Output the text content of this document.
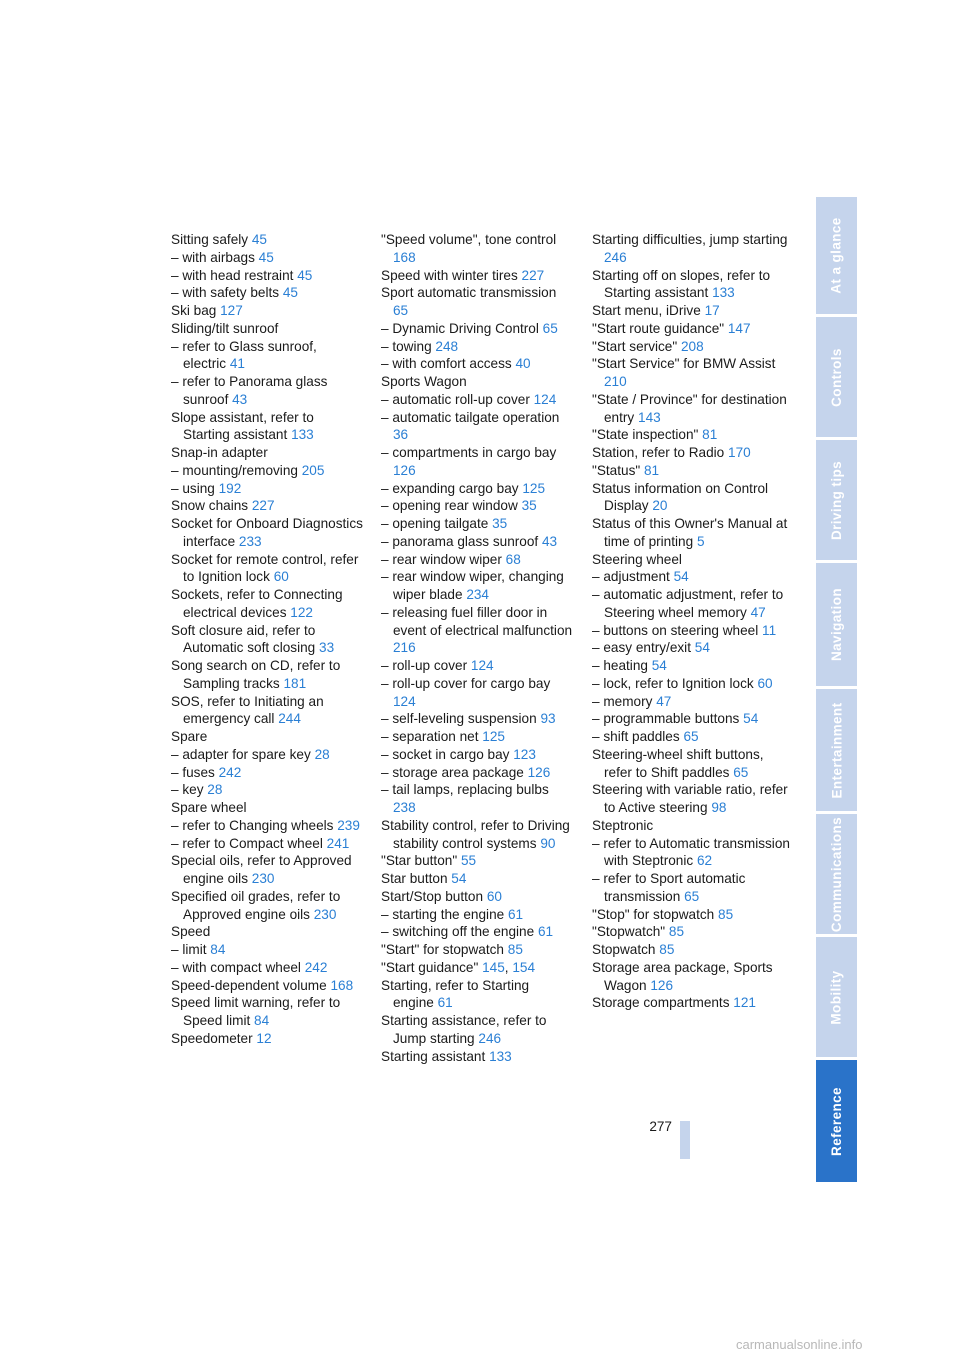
Sitting safely 45
– with airbags 45
– with head restraint 45
– with safety belts 45
Ski bag 127
Sliding/tilt sunroof
– refer to Glass sunroof, electric 41
– refer to Panorama glass sunroof 43
Slope assistant, refer to Starting assistant 133
Snap-in adapter
– mounting/removing 205
– using 192
Snow chains 227
Socket for Onboard Diagnostics interface 233
Socket for remote control, refer to Ignition lock 60
Sockets, refer to Connecting electrical devices 122
Soft closure aid, refer to Automatic soft closing 33
Song search on CD, refer to Sampling tracks 181
SOS, refer to Initiating an emergency call 244
Spare
– adapter for spare key 28
– fuses 242
– key 28
Spare wheel
– refer to Changing wheels 239
– refer to Compact wheel 241
Special oils, refer to Approved engine oils 230
Specified oil grades, refer to Approved engine oils 230
Speed
– limit 84
– with compact wheel 242
Speed-dependent volume 168
Speed limit warning, refer to Speed limit 84
Speedometer 12
"Speed volume", tone control 168
Speed with winter tires 227
Sport automatic transmission 65
– Dynamic Driving Control 65
– towing 248
– with comfort access 40
Sports Wagon
– automatic roll-up cover 124
– automatic tailgate operation 36
– compartments in cargo bay 126
– expanding cargo bay 125
– opening rear window 35
– opening tailgate 35
– panorama glass sunroof 43
– rear window wiper 68
– rear window wiper, changing wiper blade 234
– releasing fuel filler door in event of electrical malfunction 216
– roll-up cover 124
– roll-up cover for cargo bay 124
– self-leveling suspension 93
– separation net 125
– socket in cargo bay 123
– storage area package 126
– tail lamps, replacing bulbs 238
Stability control, refer to Driving stability control systems 90
"Star button" 55
Star button 54
Start/Stop button 60
– starting the engine 61
– switching off the engine 61
"Start" for stopwatch 85
"Start guidance" 145, 154
Starting, refer to Starting engine 61
Starting assistance, refer to Jump starting 246
Starting assistant 133
Starting difficulties, jump starting 246
Starting off on slopes, refer to Starting assistant 133
Start menu, iDrive 17
"Start route guidance" 147
"Start service" 208
"Start Service" for BMW Assist 210
"State / Province" for destination entry 143
"State inspection" 81
Station, refer to Radio 170
"Status" 81
Status information on Control Display 20
Status of this Owner's Manual at time of printing 5
Steering wheel
– adjustment 54
– automatic adjustment, refer to Steering wheel memory 47
– buttons on steering wheel 11
– easy entry/exit 54
– heating 54
– lock, refer to Ignition lock 60
– memory 47
– programmable buttons 54
– shift paddles 65
Steering-wheel shift buttons, refer to Shift paddles 65
Steering with variable ratio, refer to Active steering 98
Steptronic
– refer to Automatic transmission with Steptronic 62
– refer to Sport automatic transmission 65
"Stop" for stopwatch 85
"Stopwatch" 85
Stopwatch 85
Storage area package, Sports Wagon 126
Storage compartments 121
At a glance
Controls
Driving tips
Navigation
Entertainment
Communications
Mobility
Reference
277
carmanualsonline.info
